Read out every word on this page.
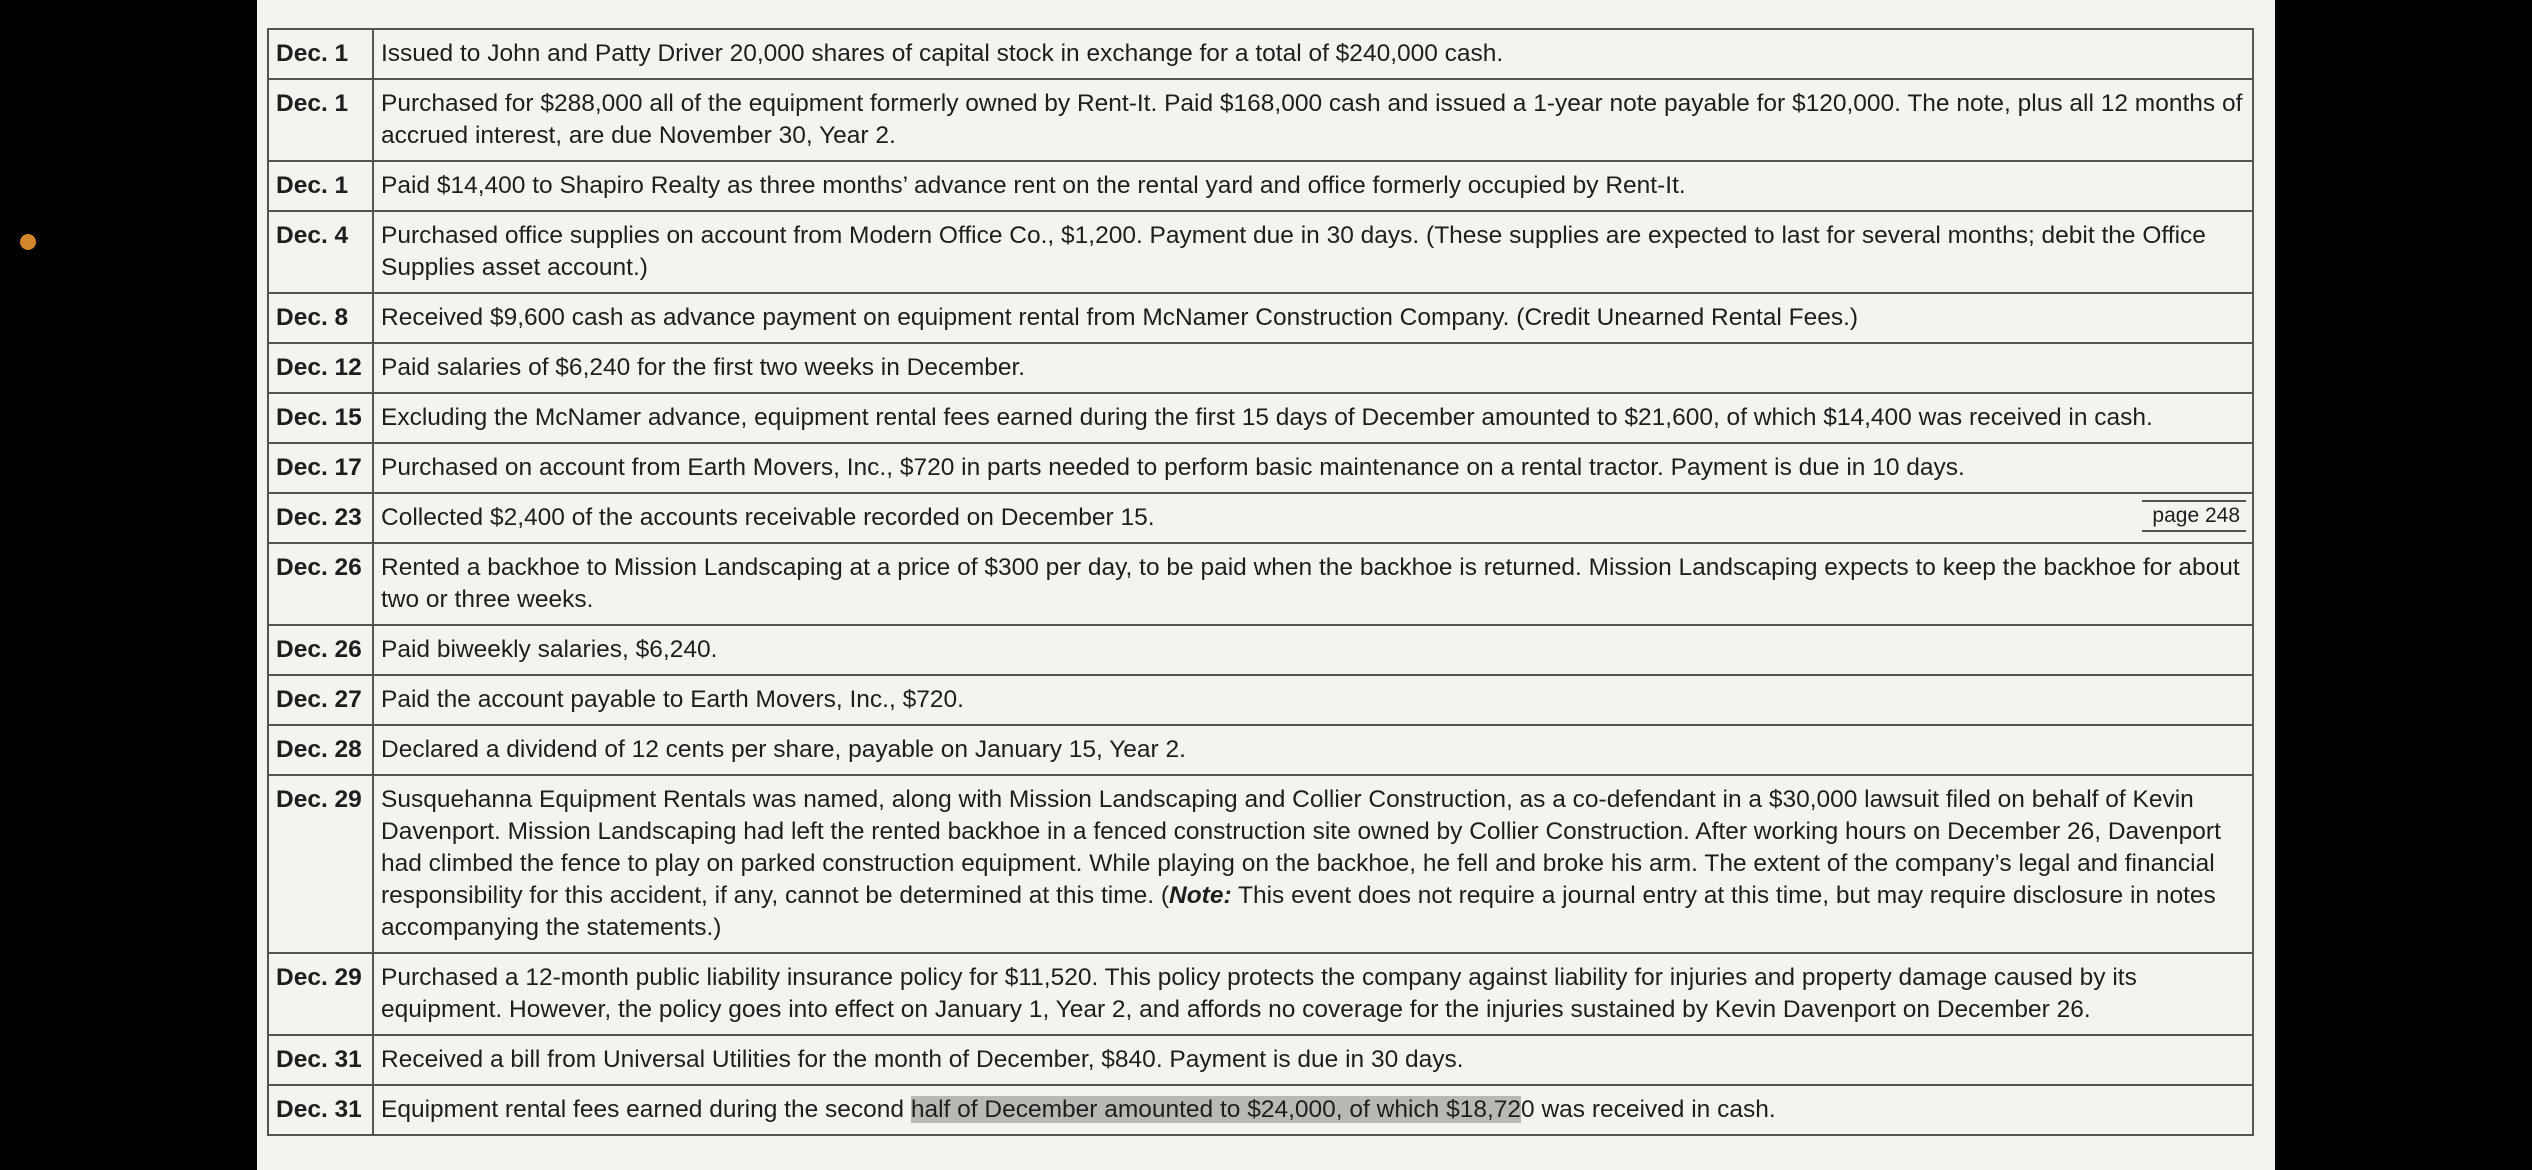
Dec. 1	Issued to John and Patty Driver 20,000 shares of capital stock in exchange for a total of $240,000 cash.
Dec. 1	Purchased for $288,000 all of the equipment formerly owned by Rent-It. Paid $168,000 cash and issued a 1-year note payable for $120,000. The note, plus all 12 months of accrued interest, are due November 30, Year 2.
Dec. 1	Paid $14,400 to Shapiro Realty as three months’ advance rent on the rental yard and office formerly occupied by Rent-It.
Dec. 4	Purchased office supplies on account from Modern Office Co., $1,200. Payment due in 30 days. (These supplies are expected to last for several months; debit the Office Supplies asset account.)
Dec. 8	Received $9,600 cash as advance payment on equipment rental from McNamer Construction Company. (Credit Unearned Rental Fees.)
Dec. 12	Paid salaries of $6,240 for the first two weeks in December.
Dec. 15	Excluding the McNamer advance, equipment rental fees earned during the first 15 days of December amounted to $21,600, of which $14,400 was received in cash.
Dec. 17	Purchased on account from Earth Movers, Inc., $720 in parts needed to perform basic maintenance on a rental tractor. Payment is due in 10 days.
Dec. 23	Collected $2,400 of the accounts receivable recorded on December 15. page 248

Dec. 26	Rented a backhoe to Mission Landscaping at a price of $300 per day, to be paid when the backhoe is returned. Mission Landscaping expects to keep the backhoe for about two or three weeks.
Dec. 26	Paid biweekly salaries, $6,240.
Dec. 27	Paid the account payable to Earth Movers, Inc., $720.
Dec. 28	Declared a dividend of 12 cents per share, payable on January 15, Year 2.
Dec. 29	Susquehanna Equipment Rentals was named, along with Mission Landscaping and Collier Construction, as a co-defendant in a $30,000 lawsuit filed on behalf of Kevin Davenport. Mission Landscaping had left the rented backhoe in a fenced construction site owned by Collier Construction. After working hours on December 26, Davenport had climbed the fence to play on parked construction equipment. While playing on the backhoe, he fell and broke his arm. The extent of the company’s legal and financial responsibility for this accident, if any, cannot be determined at this time. (Note: This event does not require a journal entry at this time, but may require disclosure in notes accompanying the statements.)
Dec. 29	Purchased a 12-month public liability insurance policy for $11,520. This policy protects the company against liability for injuries and property damage caused by its equipment. However, the policy goes into effect on January 1, Year 2, and affords no coverage for the injuries sustained by Kevin Davenport on December 26.
Dec. 31	Received a bill from Universal Utilities for the month of December, $840. Payment is due in 30 days.
Dec. 31	Equipment rental fees earned during the second half of December amounted to $24,000, of which $18,720 was received in cash.
